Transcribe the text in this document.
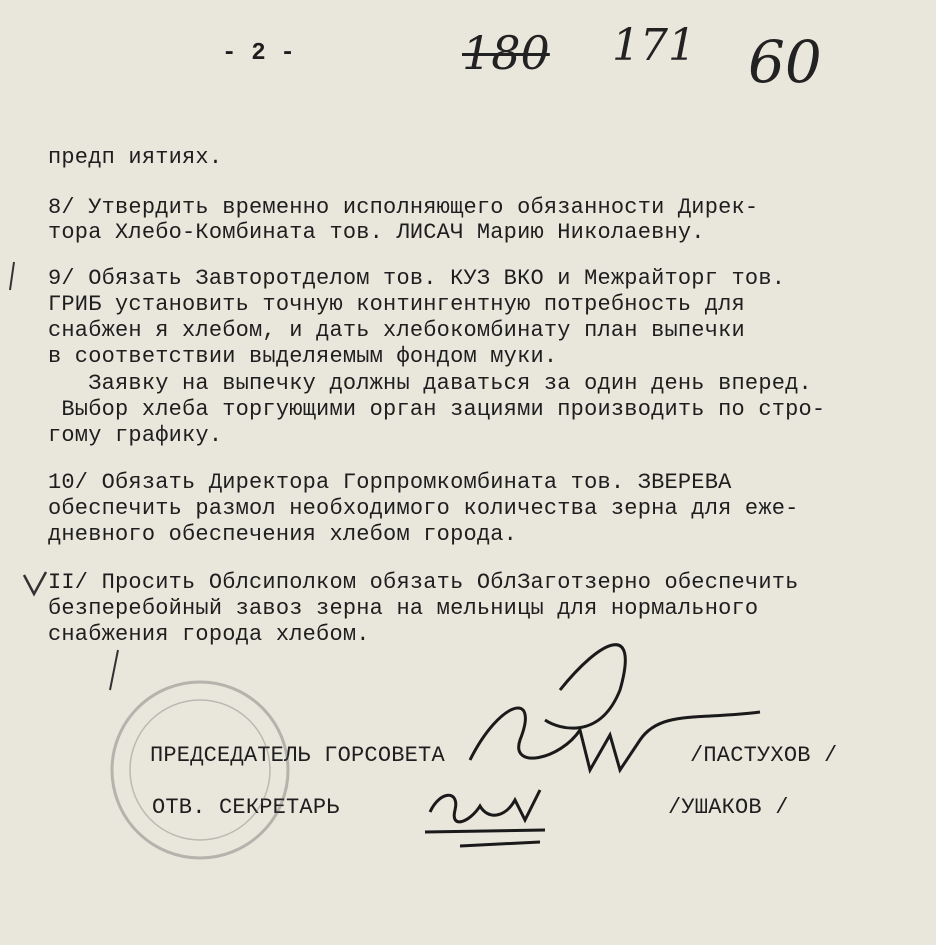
- 2 -	180 171 60
предп иятиях.
8/ Утвердить временно исполняющего обязанности Дирек-
тора Хлебо-Комбината тов. ЛИСАЧ Марию Николаевну.
9/ Обязать Завторотделом тов. КУЗ ВКО и Межрайторг тов.
ГРИБ установить точную контингентную потребность для
снабжен я хлебом, и дать хлебокомбинату план выпечки
в соответствии выделяемым фондом муки.
Заявку на выпечку должны даваться за один день вперед.
Выбор хлеба торгующими орган зациями производить по стро-
гому графику.
10/ Обязать Директора Горпромкомбината тов. ЗВЕРЕВА
обеспечить размол необходимого количества зерна для еже-
дневного обеспечения хлебом города.
II/ Просить Облсиполком обязать ОблЗаготзерно обеспечить
безперебойный завоз зерна на мельницы для нормального
снабжения города хлебом.
ПРЕДСЕДАТЕЛЬ ГОРСОВЕТА	/ПАСТУХОВ /
ОТВ. СЕКРЕТАРЬ	/УШАКОВ /
